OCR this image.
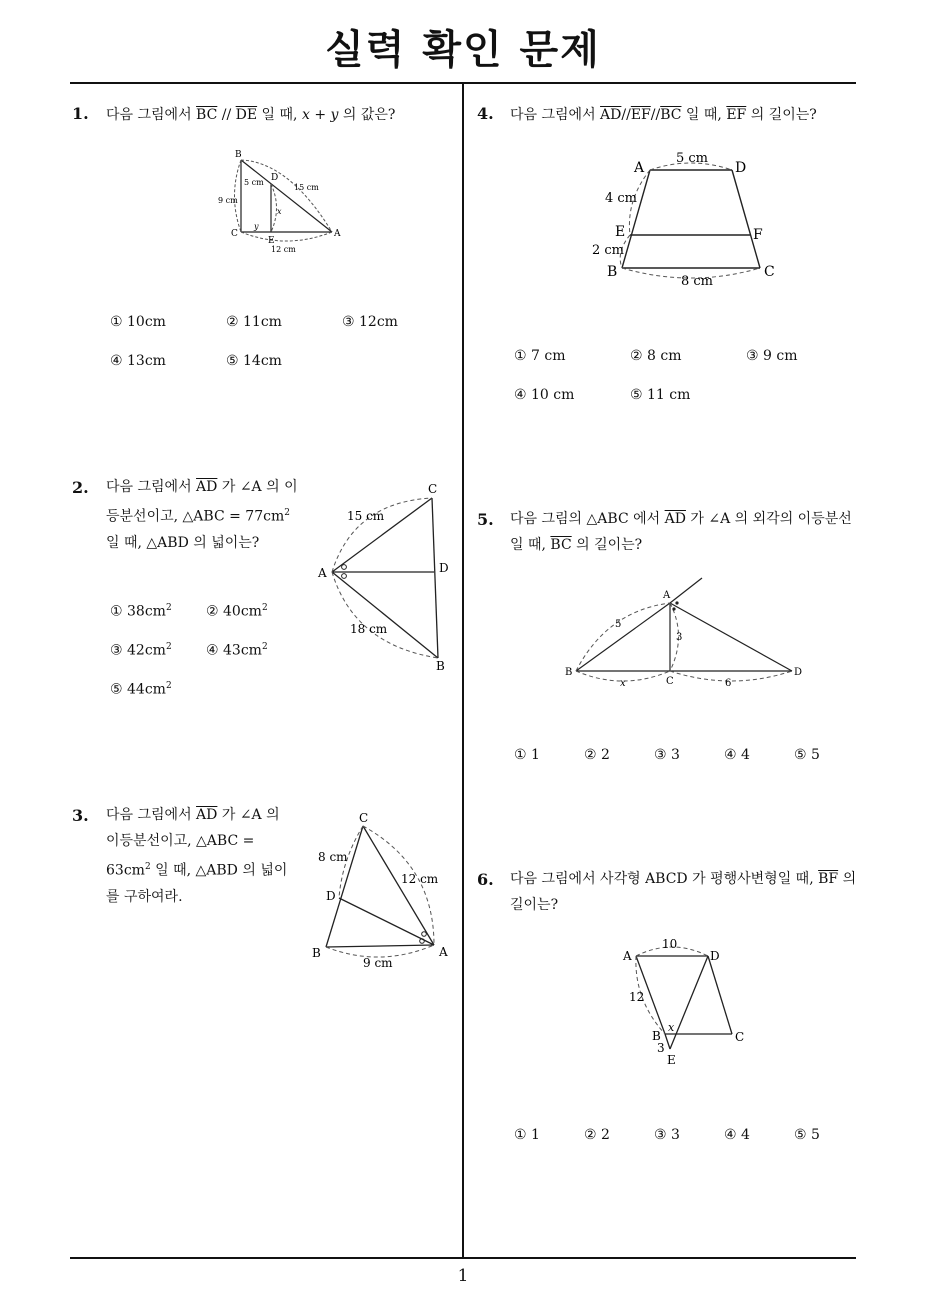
실력 확인 문제
1. 다음 그림에서 $\overline{BC} // \overline{DE}$ 일 때, x + y 의 값은?
B
C	A
D
E
5 cm
15 cm
9 cm
y
x
12 cm
① 10cm	② 11cm	③ 12cm
④ 13cm	⑤ 14cm
2. 다음 그림에서 $\overline{AD}$ 가 ∠A 의 이등분선이고, △ABC = $77cm^2$ 일 때, △ABD 의 넓이는?
A
C
D
B
15 cm
18 cm
① $38cm^2$ ② $40cm^2$
③ $42cm^2$ ④ $43cm^2$
⑤ $44cm^2$
3. 다음 그림에서 $\overline{AD}$ 가 ∠A 의 이등분선이고, △ABC = $63cm^2$ 일 때, △ABD 의 넓이를 구하여라.
C
D
B	A
8 cm
12 cm
9 cm
4. 다음 그림에서 $\overline{AD}//\overline{EF}//\overline{BC}$ 일 때, $\overline{EF}$ 의 길이는?
A	D
E	F
B	C
5 cm
4 cm
2 cm
8 cm
① 7 cm	② 8 cm	③ 9 cm
④ 10 cm	⑤ 11 cm
5. 다음 그림의 △ABC 에서 $\overline{AD}$ 가 ∠A 의 외각의 이등분선일 때, $\overline{BC}$ 의 길이는?
A
B
C
D
5
3
x	6
① 1	② 2	③ 3	④ 4	⑤ 5
6. 다음 그림에서 사각형 ABCD 가 평행사변형일 때, $\overline{BF}$ 의 길이는?
A	D
B	C
E
10
12
3
x
① 1	② 2	③ 3	④ 4	⑤ 5
1
